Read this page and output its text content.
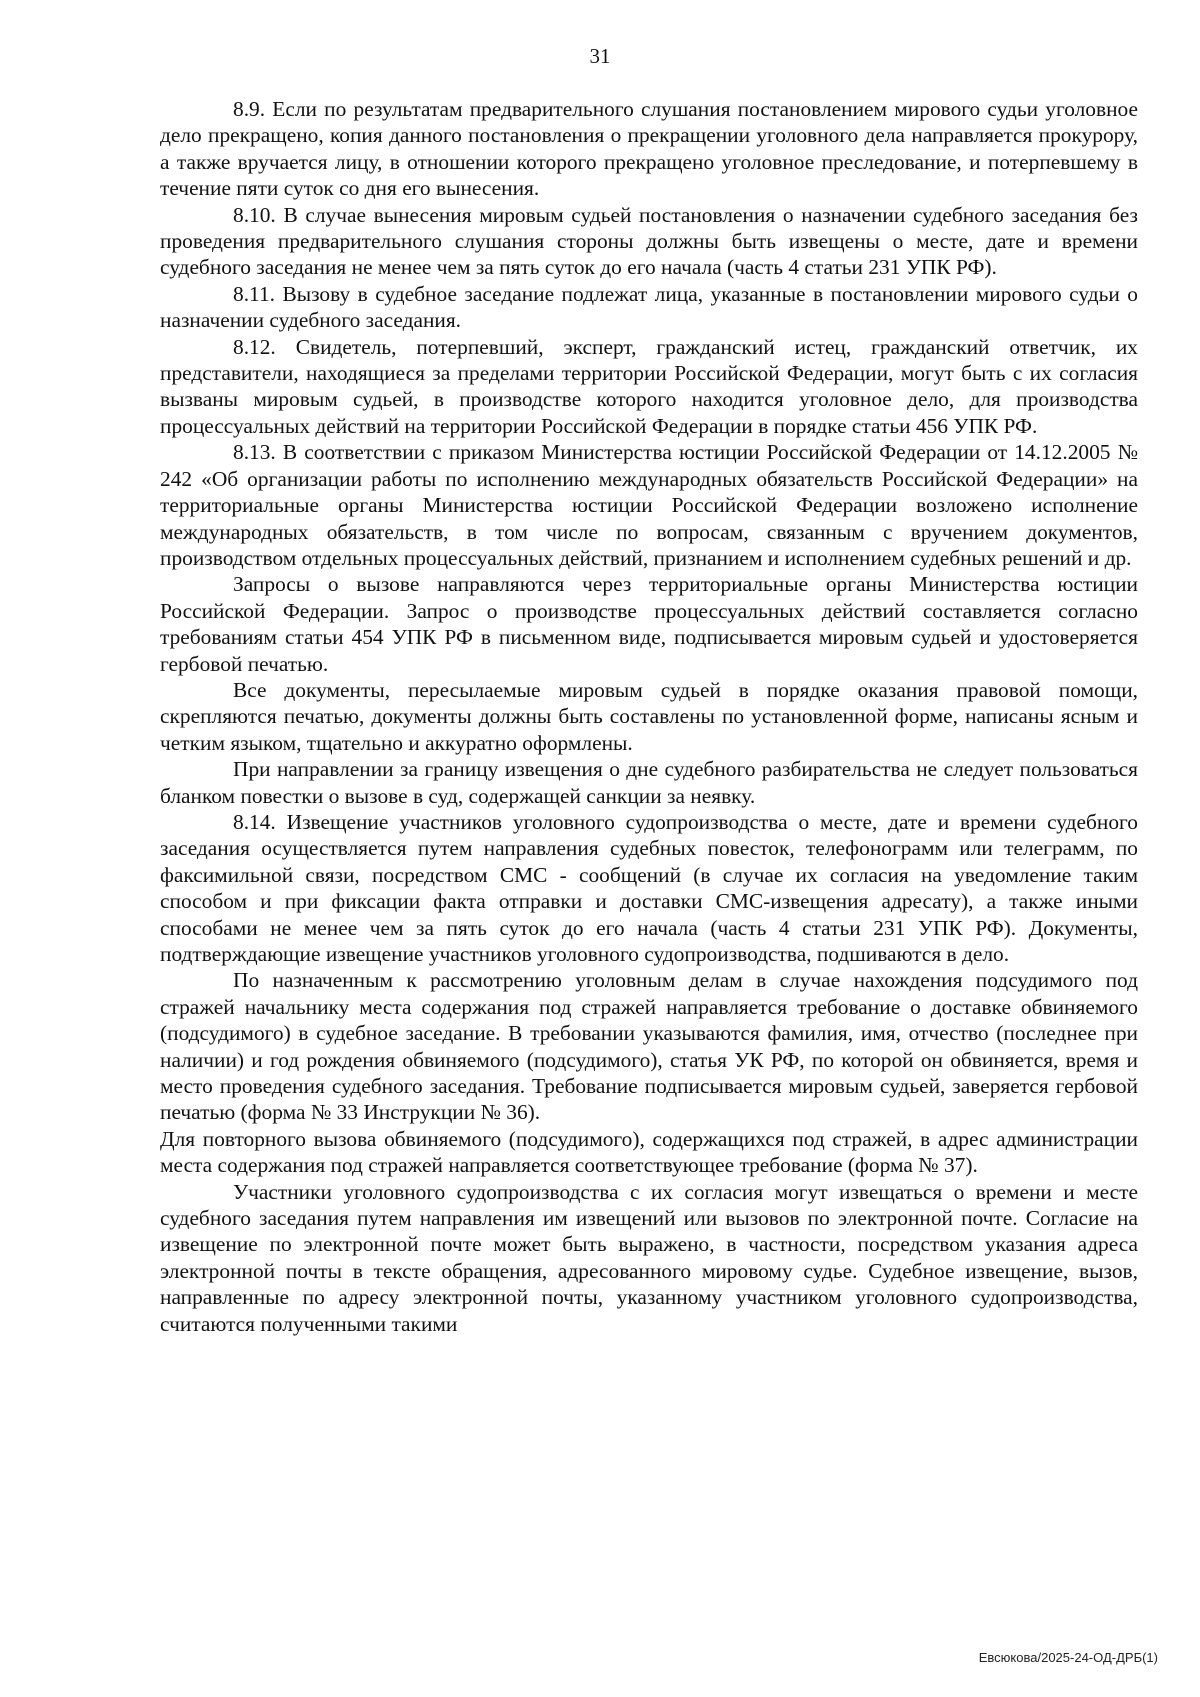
31

8.9. Если по результатам предварительного слушания постановлением мирового судьи уголовное дело прекращено, копия данного постановления о прекращении уголовного дела направляется прокурору, а также вручается лицу, в отношении которого прекращено уголовное преследование, и потерпевшему в течение пяти суток со дня его вынесения.

8.10. В случае вынесения мировым судьей постановления о назначении судебного заседания без проведения предварительного слушания стороны должны быть извещены о месте, дате и времени судебного заседания не менее чем за пять суток до его начала (часть 4 статьи 231 УПК РФ).

8.11. Вызову в судебное заседание подлежат лица, указанные в постановлении мирового судьи о назначении судебного заседания.

8.12. Свидетель, потерпевший, эксперт, гражданский истец, гражданский ответчик, их представители, находящиеся за пределами территории Российской Федерации, могут быть с их согласия вызваны мировым судьей, в производстве которого находится уголовное дело, для производства процессуальных действий на территории Российской Федерации в порядке статьи 456 УПК РФ.

8.13. В соответствии с приказом Министерства юстиции Российской Федерации от 14.12.2005 № 242 «Об организации работы по исполнению международных обязательств Российской Федерации» на территориальные органы Министерства юстиции Российской Федерации возложено исполнение международных обязательств, в том числе по вопросам, связанным с вручением документов, производством отдельных процессуальных действий, признанием и исполнением судебных решений и др.

Запросы о вызове направляются через территориальные органы Министерства юстиции Российской Федерации. Запрос о производстве процессуальных действий составляется согласно требованиям статьи 454 УПК РФ в письменном виде, подписывается мировым судьей и удостоверяется гербовой печатью.

Все документы, пересылаемые мировым судьей в порядке оказания правовой помощи, скрепляются печатью, документы должны быть составлены по установленной форме, написаны ясным и четким языком, тщательно и аккуратно оформлены.

При направлении за границу извещения о дне судебного разбирательства не следует пользоваться бланком повестки о вызове в суд, содержащей санкции за неявку.

8.14. Извещение участников уголовного судопроизводства о месте, дате и времени судебного заседания осуществляется путем направления судебных повесток, телефонограмм или телеграмм, по факсимильной связи, посредством СМС - сообщений (в случае их согласия на уведомление таким способом и при фиксации факта отправки и доставки СМС-извещения адресату), а также иными способами не менее чем за пять суток до его начала (часть 4 статьи 231 УПК РФ). Документы, подтверждающие извещение участников уголовного судопроизводства, подшиваются в дело.

По назначенным к рассмотрению уголовным делам в случае нахождения подсудимого под стражей начальнику места содержания под стражей направляется требование о доставке обвиняемого (подсудимого) в судебное заседание. В требовании указываются фамилия, имя, отчество (последнее при наличии) и год рождения обвиняемого (подсудимого), статья УК РФ, по которой он обвиняется, время и место проведения судебного заседания. Требование подписывается мировым судьей, заверяется гербовой печатью (форма № 33 Инструкции № 36).

Для повторного вызова обвиняемого (подсудимого), содержащихся под стражей, в адрес администрации места содержания под стражей направляется соответствующее требование (форма № 37).

Участники уголовного судопроизводства с их согласия могут извещаться о времени и месте судебного заседания путем направления им извещений или вызовов по электронной почте. Согласие на извещение по электронной почте может быть выражено, в частности, посредством указания адреса электронной почты в тексте обращения, адресованного мировому судье. Судебное извещение, вызов, направленные по адресу электронной почты, указанному участником уголовного судопроизводства, считаются полученными такими

Евсюкова/2025-24-ОД-ДРБ(1)
